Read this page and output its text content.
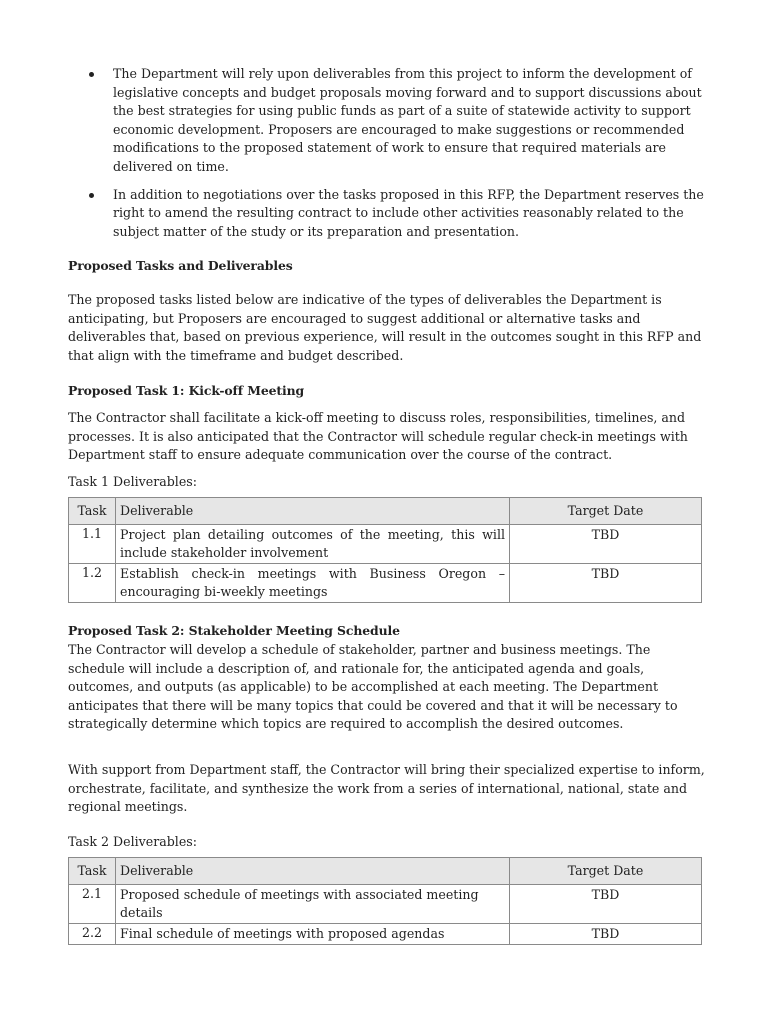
The Department will rely upon deliverables from this project to inform the development of legislative concepts and budget proposals moving forward and to support discussions about the best strategies for using public funds as part of a suite of statewide activity to support economic development. Proposers are encouraged to make suggestions or recommended modifications to the proposed statement of work to ensure that required materials are delivered on time.
In addition to negotiations over the tasks proposed in this RFP, the Department reserves the right to amend the resulting contract to include other activities reasonably related to the subject matter of the study or its preparation and presentation.
Proposed Tasks and Deliverables
The proposed tasks listed below are indicative of the types of deliverables the Department is anticipating, but Proposers are encouraged to suggest additional or alternative tasks and deliverables that, based on previous experience, will result in the outcomes sought in this RFP and that align with the timeframe and budget described.
Proposed Task 1: Kick-off Meeting
The Contractor shall facilitate a kick-off meeting to discuss roles, responsibilities, timelines, and processes. It is also anticipated that the Contractor will schedule regular check-in meetings with Department staff to ensure adequate communication over the course of the contract.
Task 1 Deliverables:
Task	Deliverable	Target Date
1.1	Project plan detailing outcomes of the meeting, this will include stakeholder involvement	TBD
1.2	Establish check-in meetings with Business Oregon – encouraging bi-weekly meetings	TBD
Proposed Task 2: Stakeholder Meeting Schedule
The Contractor will develop a schedule of stakeholder, partner and business meetings. The schedule will include a description of, and rationale for, the anticipated agenda and goals, outcomes, and outputs (as applicable) to be accomplished at each meeting. The Department anticipates that there will be many topics that could be covered and that it will be necessary to strategically determine which topics are required to accomplish the desired outcomes.
With support from Department staff, the Contractor will bring their specialized expertise to inform, orchestrate, facilitate, and synthesize the work from a series of international, national, state and regional meetings.
Task 2 Deliverables:
Task	Deliverable	Target Date
2.1	Proposed schedule of meetings with associated meeting details	TBD
2.2	Final schedule of meetings with proposed agendas	TBD
